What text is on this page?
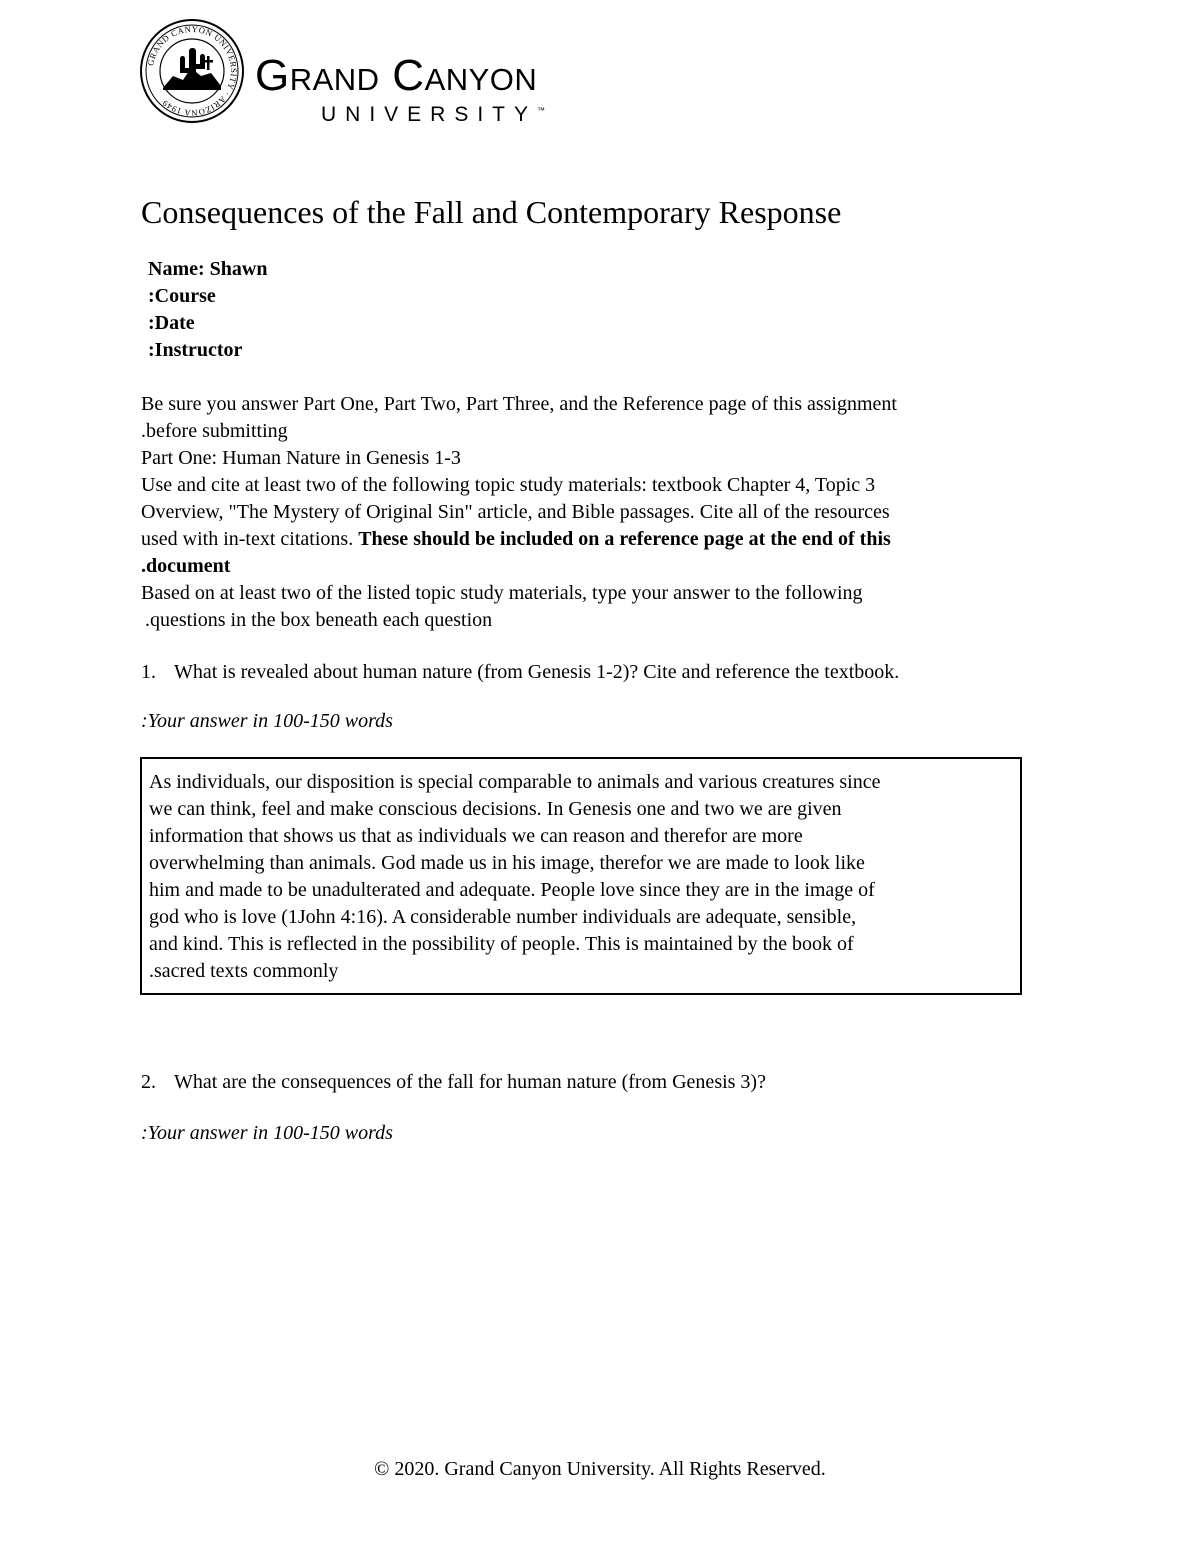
GRAND CANYON UNIVERSITY · ARIZONA 1949
Grand Canyon
UNIVERSITY™
Consequences of the Fall and Contemporary Response
Name: Shawn
:Course
:Date
:Instructor
Be sure you answer Part One, Part Two, Part Three, and the Reference page of this assignment
.before submitting
Part One: Human Nature in Genesis 1-3
Use and cite at least two of the following topic study materials: textbook Chapter 4, Topic 3
Overview, "The Mystery of Original Sin" article, and Bible passages. Cite all of the resources
used with in-text citations. These should be included on a reference page at the end of this
.document
Based on at least two of the listed topic study materials, type your answer to the following
.questions in the box beneath each question
1. What is revealed about human nature (from Genesis 1-2)? Cite and reference the textbook.
:Your answer in 100-150 words
As individuals, our disposition is special comparable to animals and various creatures since
we can think, feel and make conscious decisions. In Genesis one and two we are given
information that shows us that as individuals we can reason and therefor are more
overwhelming than animals. God made us in his image, therefor we are made to look like
him and made to be unadulterated and adequate. People love since they are in the image of
god who is love (1John 4:16). A considerable number individuals are adequate, sensible,
and kind. This is reflected in the possibility of people. This is maintained by the book of
.sacred texts commonly
2. What are the consequences of the fall for human nature (from Genesis 3)?
:Your answer in 100-150 words
© 2020. Grand Canyon University. All Rights Reserved.
